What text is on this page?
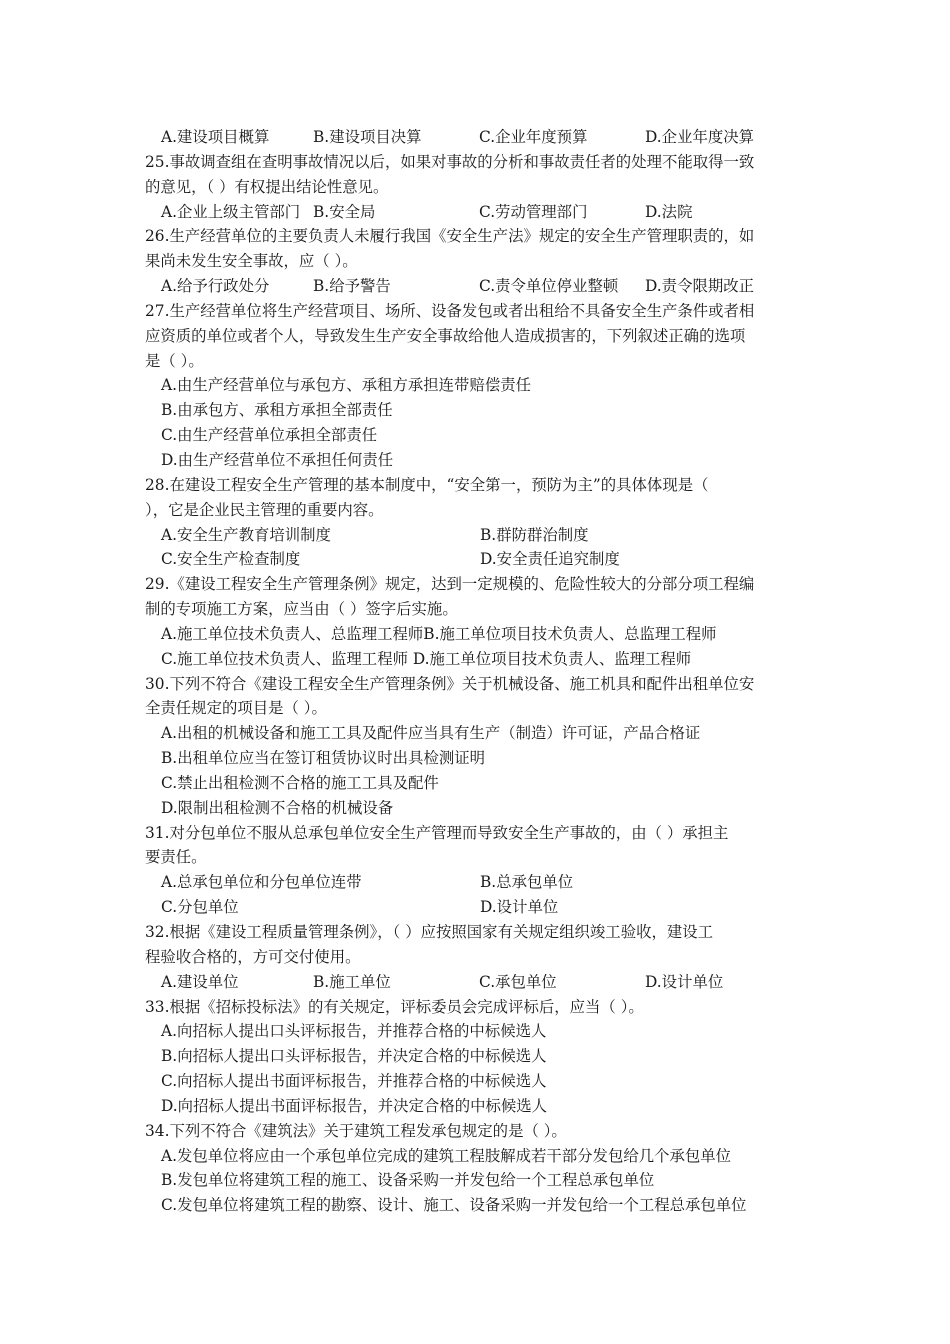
A.建设项目概算	B.建设项目决算	C.企业年度预算	D.企业年度决算
25.事故调查组在查明事故情况以后，如果对事故的分析和事故责任者的处理不能取得一致
的意见，（ ）有权提出结论性意见。
A.企业上级主管部门 B.安全局	C.劳动管理部门	D.法院
26.生产经营单位的主要负责人未履行我国《安全生产法》规定的安全生产管理职责的，如
果尚未发生安全事故，应（ ）。
A.给予行政处分	B.给予警告	C.责令单位停业整顿	D.责令限期改正
27.生产经营单位将生产经营项目、场所、设备发包或者出租给不具备安全生产条件或者相
应资质的单位或者个人，导致发生生产安全事故给他人造成损害的，下列叙述正确的选项
是（ ）。
A.由生产经营单位与承包方、承租方承担连带赔偿责任
B.由承包方、承租方承担全部责任
C.由生产经营单位承担全部责任
D.由生产经营单位不承担任何责任
28.在建设工程安全生产管理的基本制度中，“安全第一，预防为主”的具体体现是（
），它是企业民主管理的重要内容。
A.安全生产教育培训制度	B.群防群治制度
C.安全生产检查制度	D.安全责任追究制度
29.《建设工程安全生产管理条例》规定，达到一定规模的、危险性较大的分部分项工程编
制的专项施工方案，应当由（ ）签字后实施。
A.施工单位技术负责人、总监理工程师B.施工单位项目技术负责人、总监理工程师
C.施工单位技术负责人、监理工程师 D.施工单位项目技术负责人、监理工程师
30.下列不符合《建设工程安全生产管理条例》关于机械设备、施工机具和配件出租单位安
全责任规定的项目是（ ）。
A.出租的机械设备和施工工具及配件应当具有生产（制造）许可证，产品合格证
B.出租单位应当在签订租赁协议时出具检测证明
C.禁止出租检测不合格的施工工具及配件
D.限制出租检测不合格的机械设备
31.对分包单位不服从总承包单位安全生产管理而导致安全生产事故的，由（ ）承担主
要责任。
A.总承包单位和分包单位连带	B.总承包单位
C.分包单位	D.设计单位
32.根据《建设工程质量管理条例》，（ ）应按照国家有关规定组织竣工验收，建设工
程验收合格的，方可交付使用。
A.建设单位	B.施工单位	C.承包单位	D.设计单位
33.根据《招标投标法》的有关规定，评标委员会完成评标后，应当（ ）。
A.向招标人提出口头评标报告，并推荐合格的中标候选人
B.向招标人提出口头评标报告，并决定合格的中标候选人
C.向招标人提出书面评标报告，并推荐合格的中标候选人
D.向招标人提出书面评标报告，并决定合格的中标候选人
34.下列不符合《建筑法》关于建筑工程发承包规定的是（ ）。
A.发包单位将应由一个承包单位完成的建筑工程肢解成若干部分发包给几个承包单位
B.发包单位将建筑工程的施工、设备采购一并发包给一个工程总承包单位
C.发包单位将建筑工程的勘察、设计、施工、设备采购一并发包给一个工程总承包单位
